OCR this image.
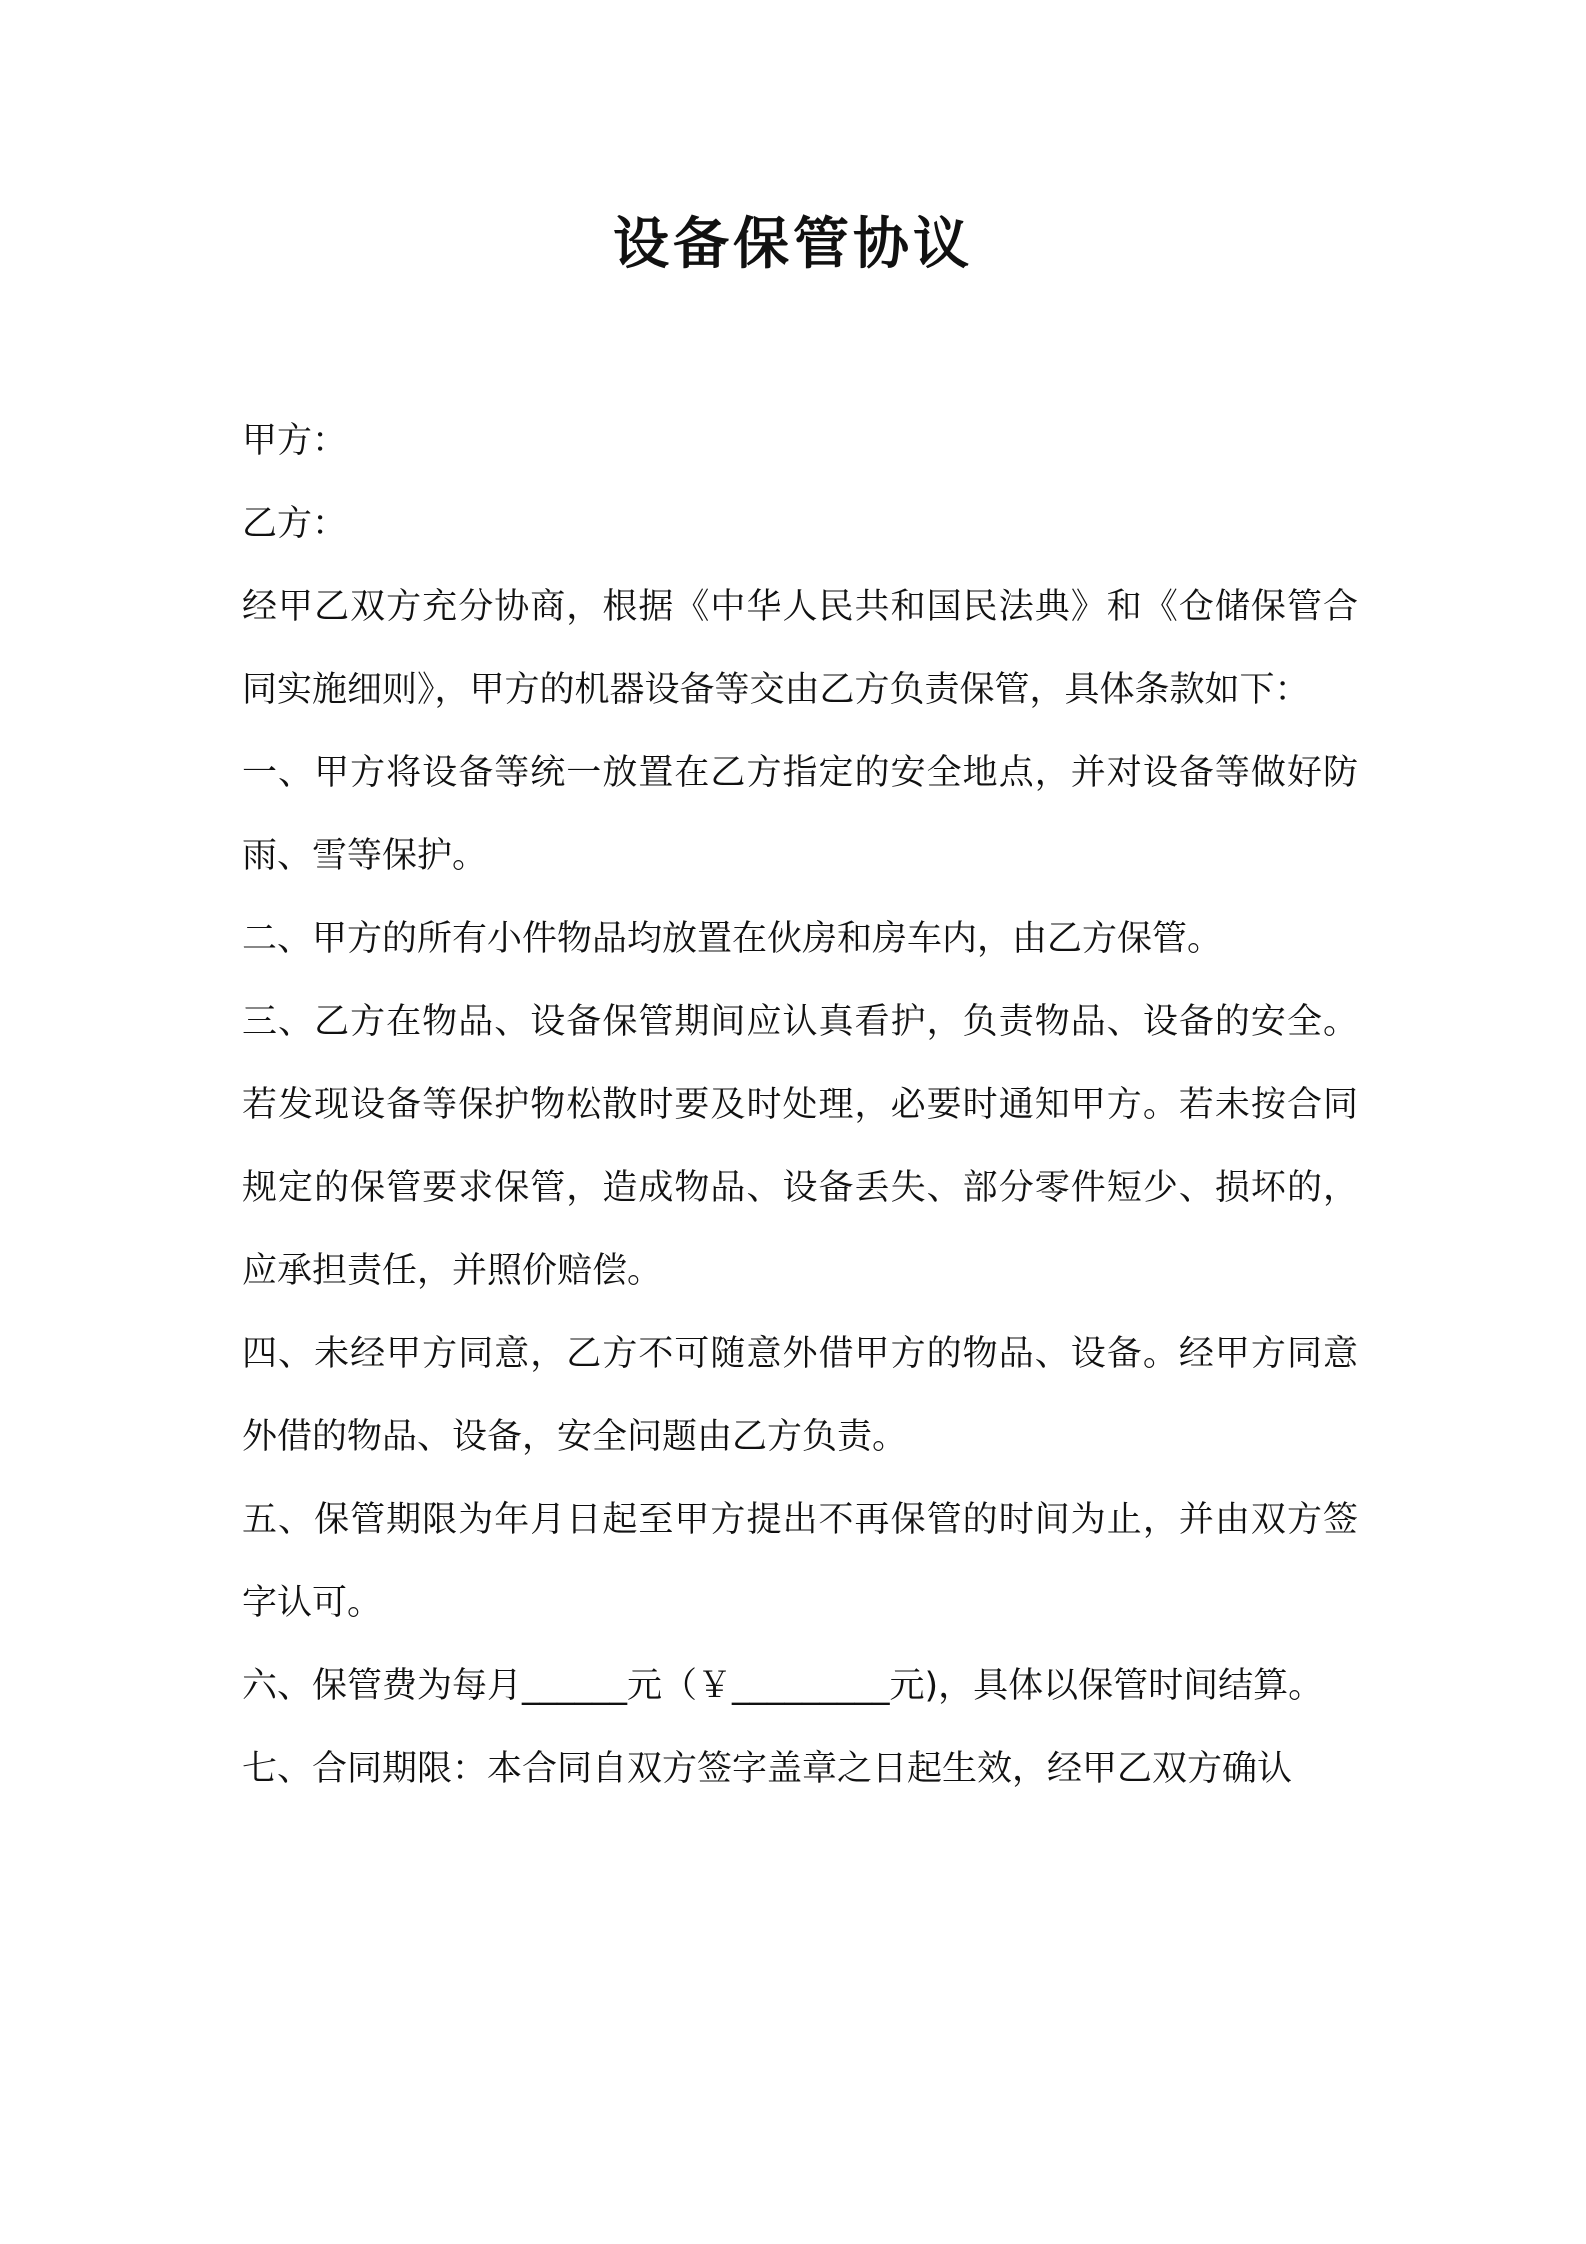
设备保管协议

甲方：

乙方：

经甲乙双方充分协商，根据《中华人民共和国民法典》和《仓储保管合同实施细则》，甲方的机器设备等交由乙方负责保管，具体条款如下：

一、甲方将设备等统一放置在乙方指定的安全地点，并对设备等做好防雨、雪等保护。

二、甲方的所有小件物品均放置在伙房和房车内，由乙方保管。

三、乙方在物品、设备保管期间应认真看护，负责物品、设备的安全。若发现设备等保护物松散时要及时处理，必要时通知甲方。若未按合同规定的保管要求保管，造成物品、设备丢失、部分零件短少、损坏的，应承担责任，并照价赔偿。

四、未经甲方同意，乙方不可随意外借甲方的物品、设备。经甲方同意外借的物品、设备，安全问题由乙方负责。

五、保管期限为年月日起至甲方提出不再保管的时间为止，并由双方签字认可。

六、保管费为每月______元（￥_________元)，具体以保管时间结算。

七、合同期限：本合同自双方签字盖章之日起生效，经甲乙双方确认
